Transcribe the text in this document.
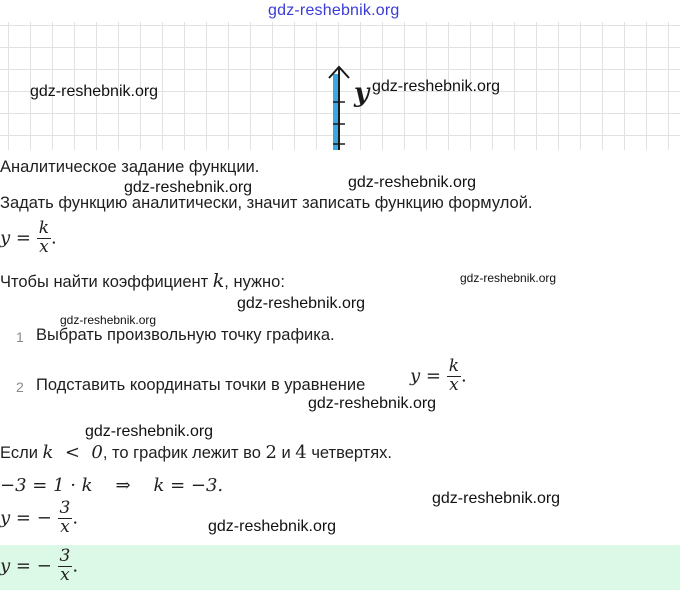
y
Аналитическое задание функции.
Задать функцию аналитически, значит записать функцию формулой.
$y = \frac{k}{x}$ .
Чтобы найти коэффициент k, нужно:
1 Выбрать произвольную точку графика.
2 Подставить координаты точки в уравнение $y = \frac{k}{x}$ .
Если k  <  0, то график лежит во 2 и 4 четвертях.
−3 = 1 · k    ⇒    k = −3.
y = − $\frac{3}{x}$ .
y = − $\frac{3}{x}$ .
gdz-reshebnik.org
gdz-reshebnik.org	gdz-reshebnik.org
gdz-reshebnik.org	gdz-reshebnik.org
gdz-reshebnik.org
gdz-reshebnik.org
gdz-reshebnik.org
gdz-reshebnik.org
gdz-reshebnik.org
gdz-reshebnik.org
gdz-reshebnik.org
